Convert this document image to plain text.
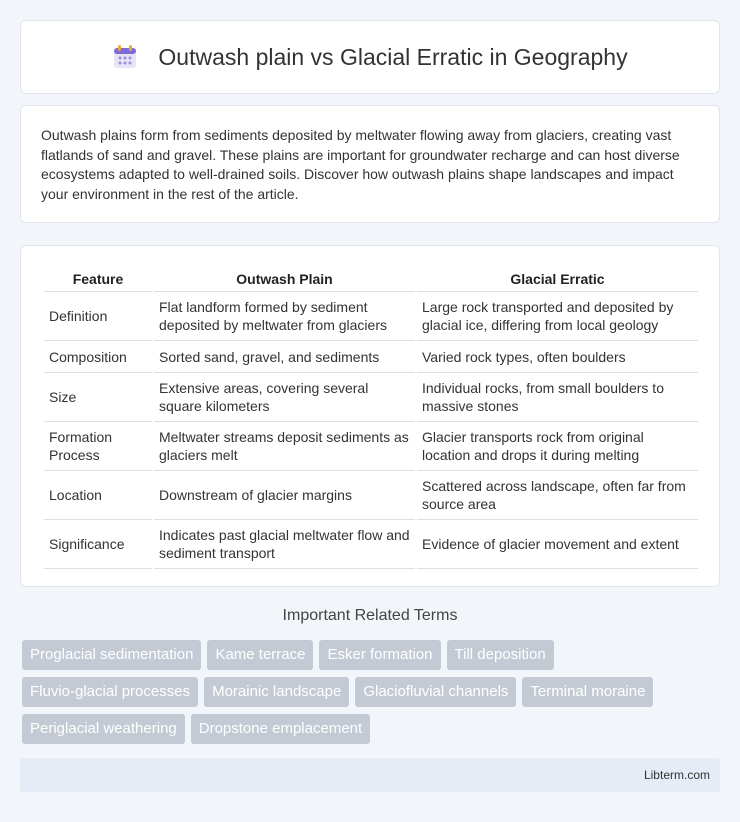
Outwash plain vs Glacial Erratic in Geography

Outwash plains form from sediments deposited by meltwater flowing away from glaciers, creating vast flatlands of sand and gravel. These plains are important for groundwater recharge and can host diverse ecosystems adapted to well-drained soils. Discover how outwash plains shape landscapes and impact your environment in the rest of the article.

Feature	Outwash Plain	Glacial Erratic
Definition	Flat landform formed by sediment deposited by meltwater from glaciers	Large rock transported and deposited by glacial ice, differing from local geology
Composition	Sorted sand, gravel, and sediments	Varied rock types, often boulders
Size	Extensive areas, covering several square kilometers	Individual rocks, from small boulders to massive stones
Formation Process	Meltwater streams deposit sediments as glaciers melt	Glacier transports rock from original location and drops it during melting
Location	Downstream of glacier margins	Scattered across landscape, often far from source area
Significance	Indicates past glacial meltwater flow and sediment transport	Evidence of glacier movement and extent
Important Related Terms
Proglacial sedimentation	Kame terrace	Esker formation	Till deposition
Fluvio-glacial processes	Morainic landscape	Glaciofluvial channels	Terminal moraine
Periglacial weathering	Dropstone emplacement
Libterm.com
